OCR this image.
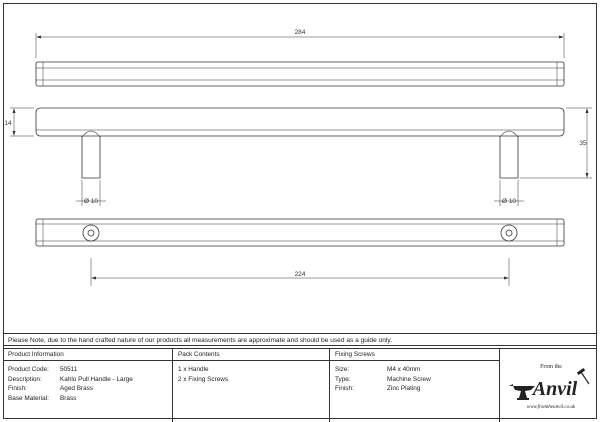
284
14
35
Ø 10	Ø 10
224
Please Note, due to the hand crafted nature of our products all measurements are approximate and should be used as a guide only.
Product Information
Product Code:	50511
Description:	Kahlo Pull Handle - Large
Finish:	Aged Brass
Base Material:	Brass
Pack Contents
1 x Handle
2 x Fixing Screws
Fixing Screws
Size:	M4 x 40mm
Type:	Machine Screw
Finish:	Zinc Plating
From the
Anvil
www.fromtheanvil.co.uk
